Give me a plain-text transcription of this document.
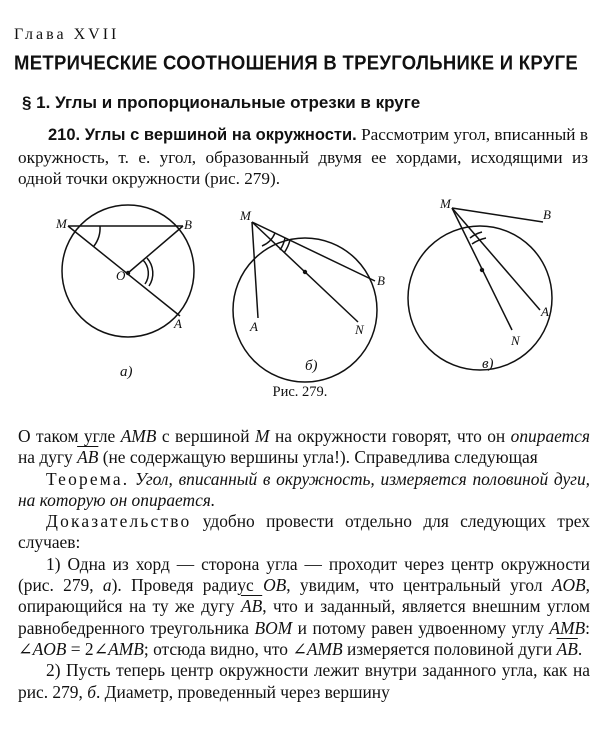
Глава XVII
МЕТРИЧЕСКИЕ СООТНОШЕНИЯ В ТРЕУГОЛЬНИКЕ И КРУГЕ
§ 1. Углы и пропорциональные отрезки в круге
210. Углы с вершиной на окружности. Рассмотрим угол, вписанный в окружность, т. е. угол, образованный двумя ее хордами, исходящими из одной точки окружности (рис. 279).
M	B
O
A
M
B
A	N
M
B
A
N
а)	б)	в)
Рис. 279.

О таком угле AMB с вершиной M на окружности говорят, что он опирается на дугу $\overline{AB}$ (не содержащую вершины угла!). Справедлива следующая

Теорема. Угол, вписанный в окружность, измеряется половиной дуги, на которую он опирается.

Доказательство удобно провести отдельно для следующих трех случаев:

1) Одна из хорд — сторона угла — проходит через центр окружности (рис. 279, а). Проведя радиус OB, увидим, что центральный угол AOB, опирающийся на ту же дугу $\overline{AB}$, что и заданный, является внешним углом равнобедренного треугольника BOM и потому равен удвоенному углу AMB: ∠AOB = 2∠AMB; отсюда видно, что ∠AMB измеряется половиной дуги $\overline{AB}$.

2) Пусть теперь центр окружности лежит внутри заданного угла, как на рис. 279, б. Диаметр, проведенный через вершину
